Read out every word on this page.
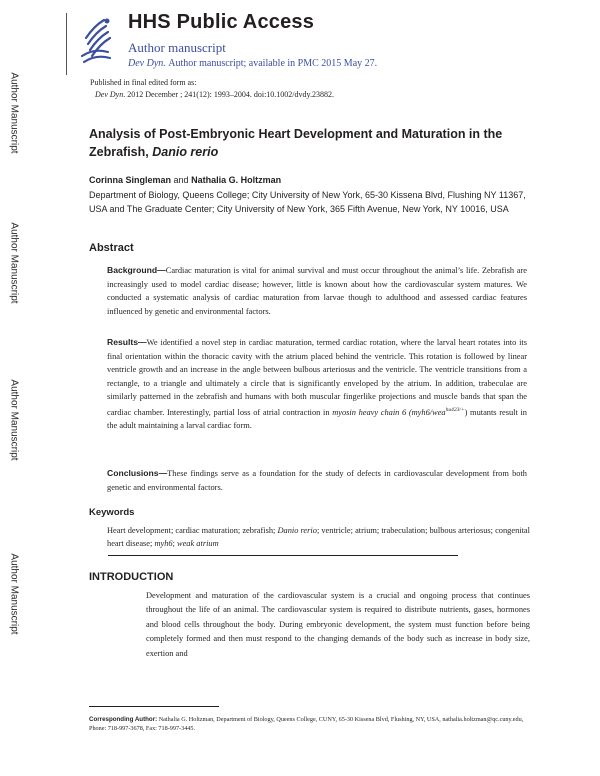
Author Manuscript
Author Manuscript
Author Manuscript
Author Manuscript
HHS Public Access
Author manuscript
Dev Dyn. Author manuscript; available in PMC 2015 May 27.
Published in final edited form as:
Dev Dyn. 2012 December ; 241(12): 1993–2004. doi:10.1002/dvdy.23882.
Analysis of Post-Embryonic Heart Development and Maturation in the Zebrafish, Danio rerio
Corinna Singleman and Nathalia G. Holtzman
Department of Biology, Queens College; City University of New York, 65-30 Kissena Blvd, Flushing NY 11367, USA and The Graduate Center; City University of New York, 365 Fifth Avenue, New York, NY 10016, USA
Abstract
Background—Cardiac maturation is vital for animal survival and must occur throughout the animal’s life. Zebrafish are increasingly used to model cardiac disease; however, little is known about how the cardiovascular system matures. We conducted a systematic analysis of cardiac maturation from larvae though to adulthood and assessed cardiac features influenced by genetic and environmental factors.
Results—We identified a novel step in cardiac maturation, termed cardiac rotation, where the larval heart rotates into its final orientation within the thoracic cavity with the atrium placed behind the ventricle. This rotation is followed by linear ventricle growth and an increase in the angle between bulbous arteriosus and the ventricle. The ventricle transitions from a rectangle, to a triangle and ultimately a circle that is significantly enveloped by the atrium. In addition, trabeculae are similarly patterned in the zebrafish and humans with both muscular fingerlike projections and muscle bands that span the cardiac chamber. Interestingly, partial loss of atrial contraction in myosin heavy chain 6 (myh6/wea$^{hu423/+}$) mutants result in the adult maintaining a larval cardiac form.
Conclusions—These findings serve as a foundation for the study of defects in cardiovascular development from both genetic and environmental factors.
Keywords
Heart development; cardiac maturation; zebrafish; Danio rerio; ventricle; atrium; trabeculation; bulbous arteriosus; congenital heart disease; myh6; weak atrium
INTRODUCTION
Development and maturation of the cardiovascular system is a crucial and ongoing process that continues throughout the life of an animal. The cardiovascular system is required to distribute nutrients, gases, hormones and blood cells throughout the body. During embryonic development, the system must function before being completely formed and then must respond to the changing demands of the body such as increase in body size, exertion and
Corresponding Author: Nathalia G. Holtzman, Department of Biology, Queens College, CUNY, 65-30 Kissena Blvd, Flushing, NY, USA, nathalia.holtzman@qc.cuny.edu, Phone: 718-997-3678, Fax: 718-997-3445.
